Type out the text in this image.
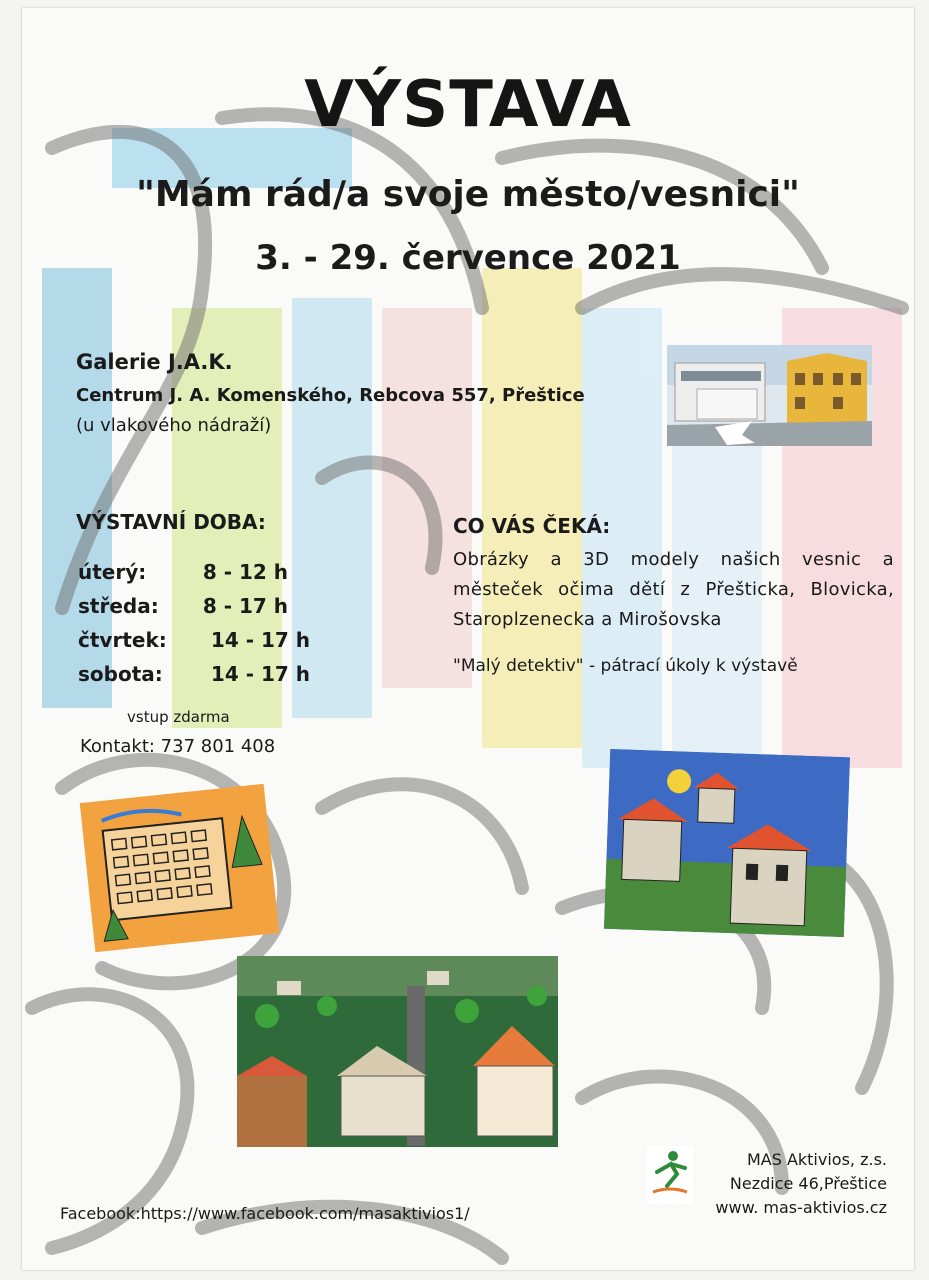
VÝSTAVA
"Mám rád/a svoje město/vesnici"
3. - 29. července 2021
Galerie J.A.K.
Centrum J. A. Komenského, Rebcova 557, Přeštice
(u vlakového nádraží)
VÝSTAVNÍ DOBA:
úterý:	8 - 12 h
středa: 8 - 17 h
čtvrtek: 14 - 17 h
sobota: 14 - 17 h
vstup zdarma
Kontakt: 737 801 408
CO VÁS ČEKÁ:
Obrázky a 3D modely našich vesnic a městeček očima dětí z Přešticka, Blovicka, Staroplzenecka a Mirošovska
"Malý detektiv" - pátrací úkoly k výstavě
MAS Aktivios, z.s.
Nezdice 46,Přeštice
www. mas-aktivios.cz
Facebook:https://www.facebook.com/masaktivios1/
